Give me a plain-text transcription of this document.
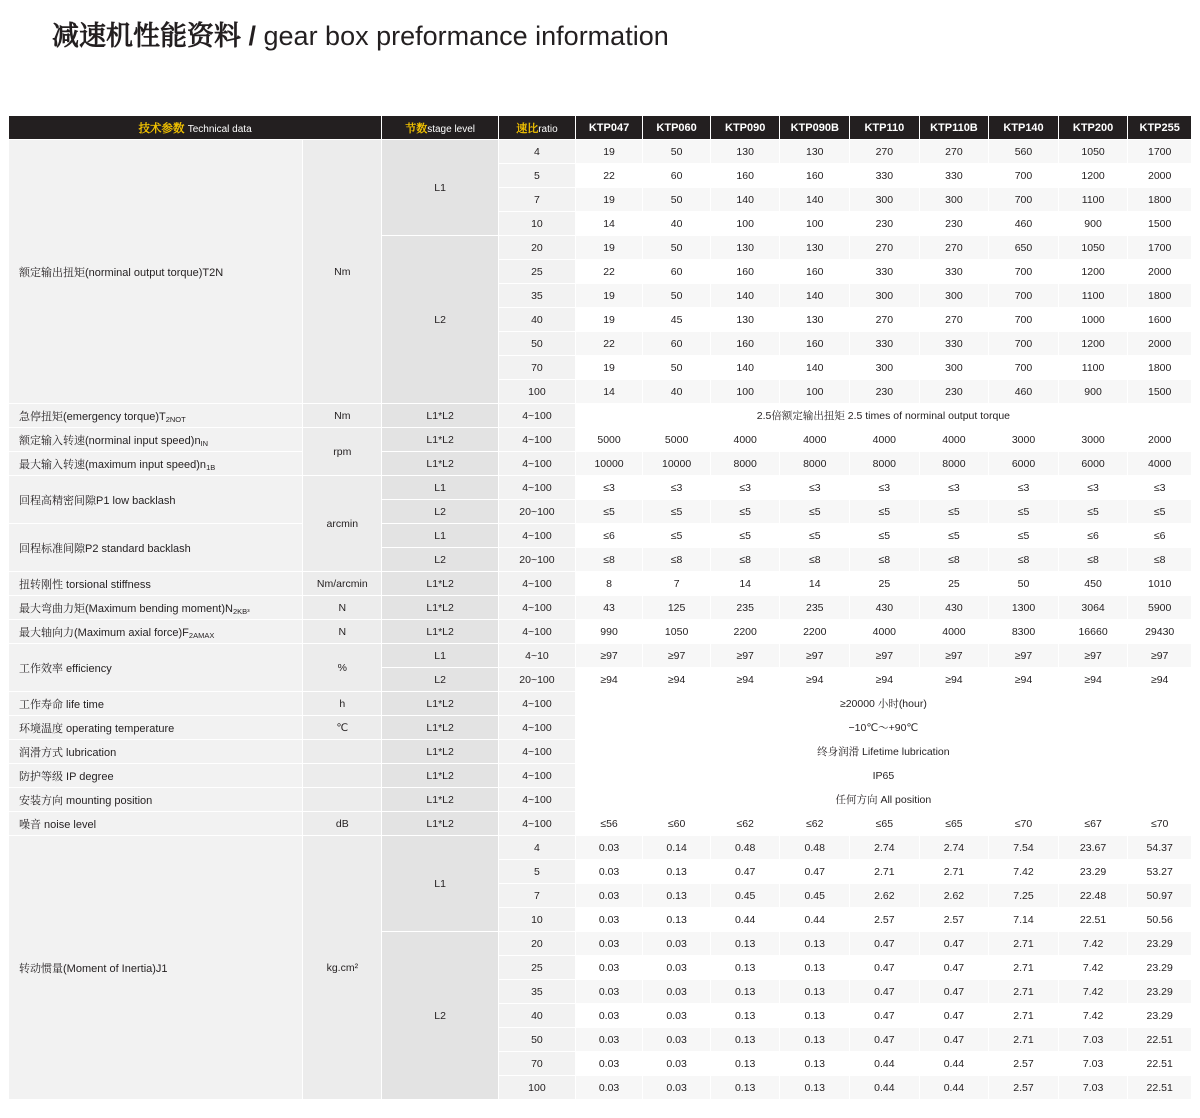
减速机性能资料 / gear box preformance information
技术参数 Technical data		节数stage level	速比ratio	KTP047	KTP060	KTP090	KTP090B	KTP110	KTP110B	KTP140	KTP200	KTP255
额定输出扭矩(norminal output torque)T2N	Nm	L1	4	19	50	130	130	270	270	560	1050	1700
			5	22	60	160	160	330	330	700	1200	2000
			7	19	50	140	140	300	300	700	1100	1800
			10	14	40	100	100	230	230	460	900	1500
		L2	20	19	50	130	130	270	270	650	1050	1700
			25	22	60	160	160	330	330	700	1200	2000
			35	19	50	140	140	300	300	700	1100	1800
			40	19	45	130	130	270	270	700	1000	1600
			50	22	60	160	160	330	330	700	1200	2000
			70	19	50	140	140	300	300	700	1100	1800
			100	14	40	100	100	230	230	460	900	1500
急停扭矩(emergency $torque)T_{2NOT}$	Nm	L1*L2	4~100	2.5倍额定输出扭矩 2.5 times of norminal output torque								
额定输入转速(norminal input $speed)n_{IN}$	rpm	L1*L2	4~100	5000	5000	4000	4000	4000	4000	3000	3000	2000
最大输入转速(maximum input $speed)n_{1B}$		L1*L2	4~100	10000	10000	8000	8000	8000	8000	6000	6000	4000
回程高精密间隙P1 low backlash	arcmin	L1	4~100	≤3	≤3	≤3	≤3	≤3	≤3	≤3	≤3	≤3
		L2	20~100	≤5	≤5	≤5	≤5	≤5	≤5	≤5	≤5	≤5
回程标准间隙P2 standard backlash		L1	4~100	≤6	≤5	≤5	≤5	≤5	≤5	≤5	≤6	≤6
		L2	20~100	≤8	≤8	≤8	≤8	≤8	≤8	≤8	≤8	≤8
扭转刚性 torsional stiffness	Nm/arcmin	L1*L2	4~100	8	7	14	14	25	25	50	450	1010
最大弯曲力矩(Maximum bending $moment)N_{2KB^3}$	N	L1*L2	4~100	43	125	235	235	430	430	1300	3064	5900
最大轴向力(Maximum axial $force)F_{2AMAX}$	N	L1*L2	4~100	990	1050	2200	2200	4000	4000	8300	16660	29430
工作效率 efficiency	%	L1	4~10	≥97	≥97	≥97	≥97	≥97	≥97	≥97	≥97	≥97
		L2	20~100	≥94	≥94	≥94	≥94	≥94	≥94	≥94	≥94	≥94
工作寿命 life time	h	L1*L2	4~100	≥20000 小时(hour)								
环境温度 operating temperature	℃	L1*L2	4~100	−10℃～+90℃								
润滑方式 lubrication		L1*L2	4~100	终身润滑 Lifetime lubrication								
防护等级 IP degree		L1*L2	4~100	IP65								
安装方向 mounting position		L1*L2	4~100	任何方向 All position								
噪音 noise level	dB	L1*L2	4~100	≤56	≤60	≤62	≤62	≤65	≤65	≤70	≤67	≤70
转动惯量(Moment of Inertia)J1	kg.cm²	L1	4	0.03	0.14	0.48	0.48	2.74	2.74	7.54	23.67	54.37
			5	0.03	0.13	0.47	0.47	2.71	2.71	7.42	23.29	53.27
			7	0.03	0.13	0.45	0.45	2.62	2.62	7.25	22.48	50.97
			10	0.03	0.13	0.44	0.44	2.57	2.57	7.14	22.51	50.56
		L2	20	0.03	0.03	0.13	0.13	0.47	0.47	2.71	7.42	23.29
			25	0.03	0.03	0.13	0.13	0.47	0.47	2.71	7.42	23.29
			35	0.03	0.03	0.13	0.13	0.47	0.47	2.71	7.42	23.29
			40	0.03	0.03	0.13	0.13	0.47	0.47	2.71	7.42	23.29
			50	0.03	0.03	0.13	0.13	0.47	0.47	2.71	7.03	22.51
			70	0.03	0.03	0.13	0.13	0.44	0.44	2.57	7.03	22.51
			100	0.03	0.03	0.13	0.13	0.44	0.44	2.57	7.03	22.51
